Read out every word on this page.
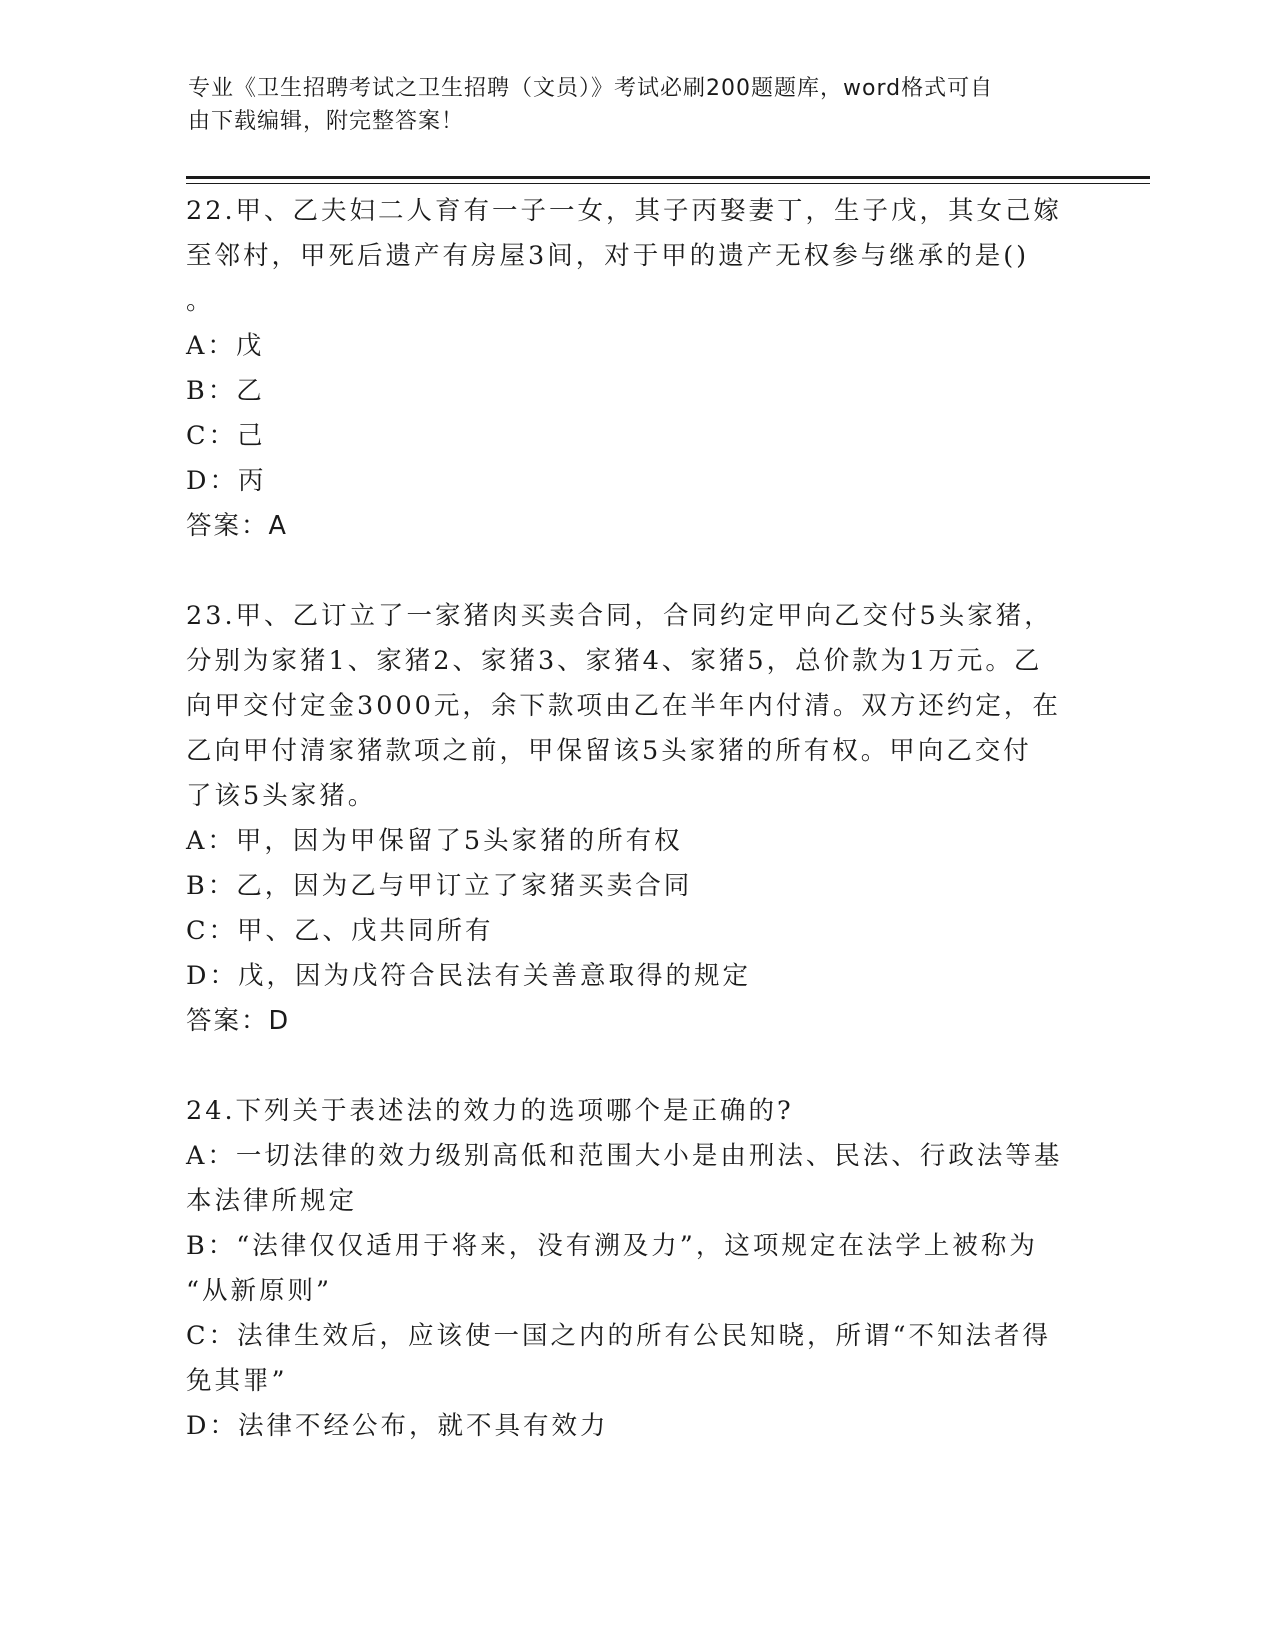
专业《卫生招聘考试之卫生招聘（文员）》考试必刷200题题库，word格式可自
由下载编辑，附完整答案！
22.甲、乙夫妇二人育有一子一女，其子丙娶妻丁，生子戊，其女己嫁
至邻村，甲死后遗产有房屋3间，对于甲的遗产无权参与继承的是()
。
A：戊
B：乙
C：己
D：丙
答案：A
23.甲、乙订立了一家猪肉买卖合同，合同约定甲向乙交付5头家猪，
分别为家猪1、家猪2、家猪3、家猪4、家猪5，总价款为1万元。乙
向甲交付定金3000元，余下款项由乙在半年内付清。双方还约定，在
乙向甲付清家猪款项之前，甲保留该5头家猪的所有权。甲向乙交付
了该5头家猪。
A：甲，因为甲保留了5头家猪的所有权
B：乙，因为乙与甲订立了家猪买卖合同
C：甲、乙、戊共同所有
D：戊，因为戊符合民法有关善意取得的规定
答案：D
24.下列关于表述法的效力的选项哪个是正确的?
A：一切法律的效力级别高低和范围大小是由刑法、民法、行政法等基
本法律所规定
B：“法律仅仅适用于将来，没有溯及力”，这项规定在法学上被称为
“从新原则”
C：法律生效后，应该使一国之内的所有公民知晓，所谓“不知法者得
免其罪”
D：法律不经公布，就不具有效力
